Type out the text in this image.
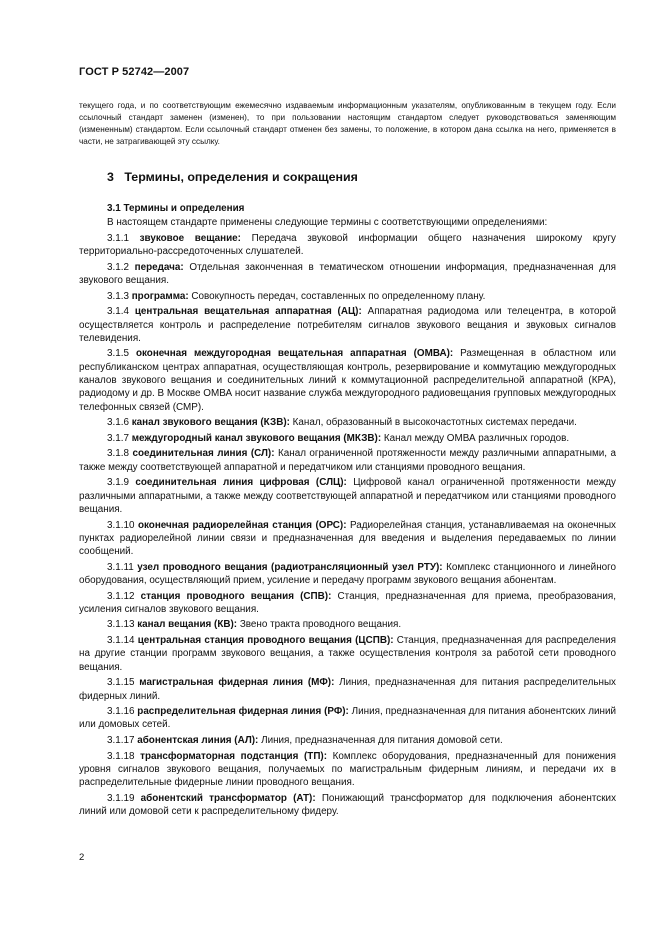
ГОСТ Р 52742—2007

текущего года, и по соответствующим ежемесячно издаваемым информационным указателям, опубликованным в текущем году. Если ссылочный стандарт заменен (изменен), то при пользовании настоящим стандартом следует руководствоваться заменяющим (измененным) стандартом. Если ссылочный стандарт отменен без замены, то положение, в котором дана ссылка на него, применяется в части, не затрагивающей эту ссылку.

3 Термины, определения и сокращения

3.1 Термины и определения

В настоящем стандарте применены следующие термины с соответствующими определениями:

3.1.1 звуковое вещание: Передача звуковой информации общего назначения широкому кругу территориально-рассредоточенных слушателей.

3.1.2 передача: Отдельная законченная в тематическом отношении информация, предназначенная для звукового вещания.

3.1.3 программа: Совокупность передач, составленных по определенному плану.

3.1.4 центральная вещательная аппаратная (АЦ): Аппаратная радиодома или телецентра, в которой осуществляется контроль и распределение потребителям сигналов звукового вещания и звуковых сигналов телевидения.

3.1.5 оконечная междугородная вещательная аппаратная (ОМВА): Размещенная в областном или республиканском центрах аппаратная, осуществляющая контроль, резервирование и коммутацию междугородных каналов звукового вещания и соединительных линий к коммутационной распределительной аппаратной (КРА), радиодому и др. В Москве ОМВА носит название служба междугородного радиовещания групповых междугородных телефонных связей (СМР).

3.1.6 канал звукового вещания (КЗВ): Канал, образованный в высокочастотных системах передачи.

3.1.7 междугородный канал звукового вещания (МКЗВ): Канал между ОМВА различных городов.

3.1.8 соединительная линия (СЛ): Канал ограниченной протяженности между различными аппаратными, а также между соответствующей аппаратной и передатчиком или станциями проводного вещания.

3.1.9 соединительная линия цифровая (СЛЦ): Цифровой канал ограниченной протяженности между различными аппаратными, а также между соответствующей аппаратной и передатчиком или станциями проводного вещания.

3.1.10 оконечная радиорелейная станция (ОРС): Радиорелейная станция, устанавливаемая на оконечных пунктах радиорелейной линии связи и предназначенная для введения и выделения передаваемых по линии сообщений.

3.1.11 узел проводного вещания (радиотрансляционный узел РТУ): Комплекс станционного и линейного оборудования, осуществляющий прием, усиление и передачу программ звукового вещания абонентам.

3.1.12 станция проводного вещания (СПВ): Станция, предназначенная для приема, преобразования, усиления сигналов звукового вещания.

3.1.13 канал вещания (КВ): Звено тракта проводного вещания.

3.1.14 центральная станция проводного вещания (ЦСПВ): Станция, предназначенная для распределения на другие станции программ звукового вещания, а также осуществления контроля за работой сети проводного вещания.

3.1.15 магистральная фидерная линия (МФ): Линия, предназначенная для питания распределительных фидерных линий.

3.1.16 распределительная фидерная линия (РФ): Линия, предназначенная для питания абонентских линий или домовых сетей.

3.1.17 абонентская линия (АЛ): Линия, предназначенная для питания домовой сети.

3.1.18 трансформаторная подстанция (ТП): Комплекс оборудования, предназначенный для понижения уровня сигналов звукового вещания, получаемых по магистральным фидерным линиям, и передачи их в распределительные фидерные линии проводного вещания.

3.1.19 абонентский трансформатор (АТ): Понижающий трансформатор для подключения абонентских линий или домовой сети к распределительному фидеру.

2
